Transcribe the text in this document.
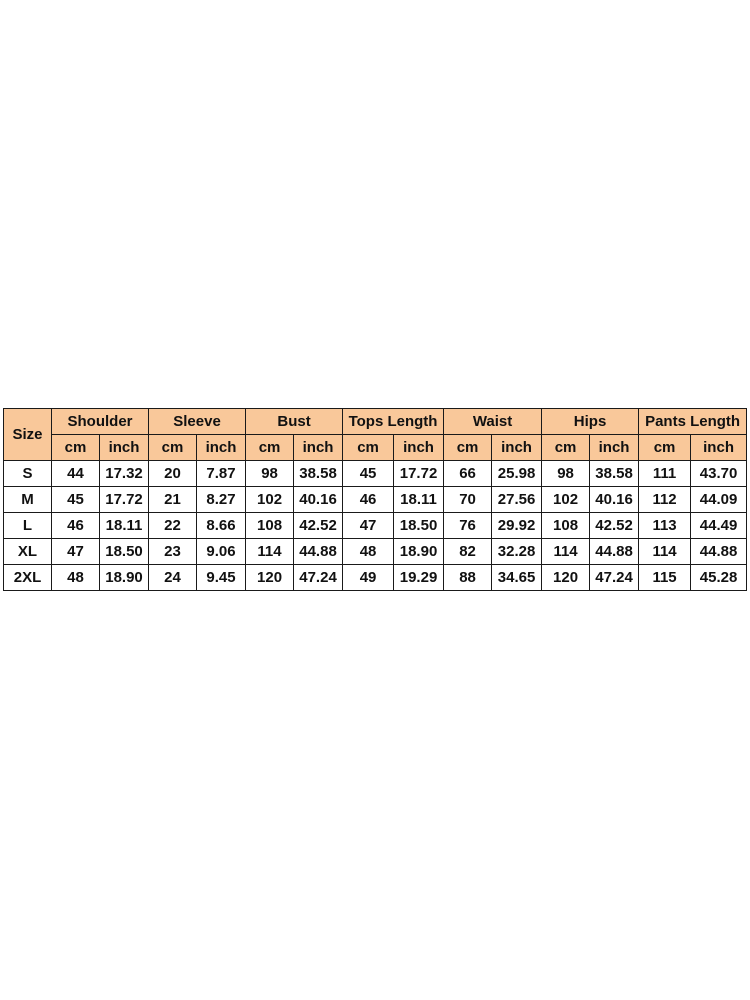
Size	Shoulder		Sleeve		Bust		Tops Length		Waist		Hips		Pants Length	
	cm	inch	cm	inch	cm	inch	cm	inch	cm	inch	cm	inch	cm	inch
S	44	17.32	20	7.87	98	38.58	45	17.72	66	25.98	98	38.58	111	43.70
M	45	17.72	21	8.27	102	40.16	46	18.11	70	27.56	102	40.16	112	44.09
L	46	18.11	22	8.66	108	42.52	47	18.50	76	29.92	108	42.52	113	44.49
XL	47	18.50	23	9.06	114	44.88	48	18.90	82	32.28	114	44.88	114	44.88
2XL	48	18.90	24	9.45	120	47.24	49	19.29	88	34.65	120	47.24	115	45.28
